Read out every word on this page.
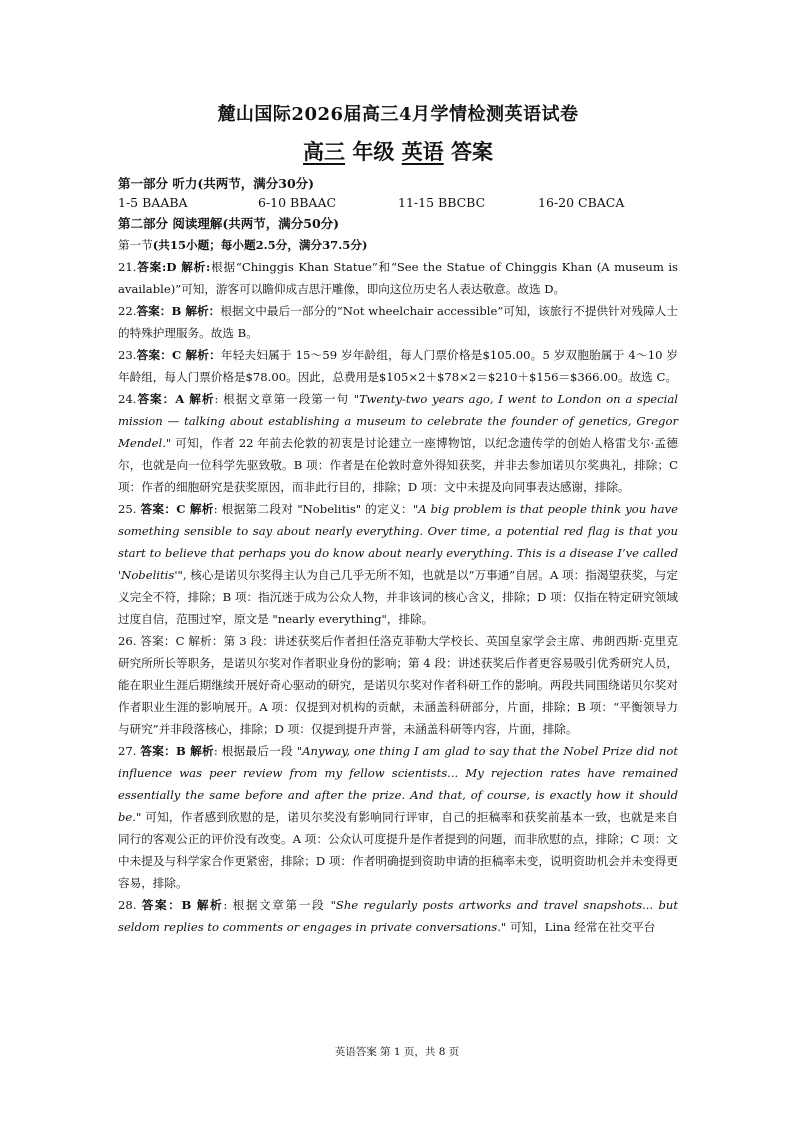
麓山国际2026届高三4月学情检测英语试卷
高三 年级 英语 答案
第一部分 听力(共两节，满分30分)
1-5 BAABA	6-10 BBAAC	11-15 BBCBC	16-20 CBACA
第二部分 阅读理解(共两节，满分50分)

第一节(共15小题；每小题2.5分，满分37.5分)

21.答案:D 解析:根据“Chinggis Khan Statue”和“See the Statue of Chinggis Khan (A museum is available)”可知，游客可以瞻仰成吉思汗雕像，即向这位历史名人表达敬意。故选 D。

22.答案：B 解析：根据文中最后一部分的“Not wheelchair accessible”可知，该旅行不提供针对残障人士的特殊护理服务。故选 B。

23.答案：C 解析：年轻夫妇属于 15～59 岁年龄组，每人门票价格是$105.00。5 岁双胞胎属于 4～10 岁年龄组，每人门票价格是$78.00。因此，总费用是$105×2＋$78×2＝$210＋$156＝$366.00。故选 C。

24.答案：A 解析: 根据文章第一段第一句 "Twenty-two years ago, I went to London on a special mission — talking about establishing a museum to celebrate the founder of genetics, Gregor Mendel." 可知，作者 22 年前去伦敦的初衷是讨论建立一座博物馆，以纪念遗传学的创始人格雷戈尔·孟德尔，也就是向一位科学先驱致敬。B 项：作者是在伦敦时意外得知获奖，并非去参加诺贝尔奖典礼，排除；C 项：作者的细胞研究是获奖原因，而非此行目的，排除；D 项：文中未提及向同事表达感谢，排除。

25. 答案：C 解析: 根据第二段对 "Nobelitis" 的定义："A big problem is that people think you have something sensible to say about nearly everything. Over time, a potential red flag is that you start to believe that perhaps you do know about nearly everything. This is a disease I’ve called 'Nobelitis'", 核心是诺贝尔奖得主认为自己几乎无所不知，也就是以“万事通”自居。A 项：指渴望获奖，与定义完全不符，排除；B 项：指沉迷于成为公众人物，并非该词的核心含义，排除；D 项：仅指在特定研究领域过度自信，范围过窄，原文是 "nearly everything"，排除。

26. 答案：C 解析：第 3 段：讲述获奖后作者担任洛克菲勒大学校长、英国皇家学会主席、弗朗西斯·克里克研究所所长等职务，是诺贝尔奖对作者职业身份的影响；第 4 段：讲述获奖后作者更容易吸引优秀研究人员，能在职业生涯后期继续开展好奇心驱动的研究，是诺贝尔奖对作者科研工作的影响。两段共同围绕诺贝尔奖对作者职业生涯的影响展开。A 项：仅提到对机构的贡献，未涵盖科研部分，片面，排除；B 项：“平衡领导力与研究”并非段落核心，排除；D 项：仅提到提升声誉，未涵盖科研等内容，片面，排除。

27. 答案：B 解析: 根据最后一段 "Anyway, one thing I am glad to say that the Nobel Prize did not influence was peer review from my fellow scientists... My rejection rates have remained essentially the same before and after the prize. And that, of course, is exactly how it should be." 可知，作者感到欣慰的是，诺贝尔奖没有影响同行评审，自己的拒稿率和获奖前基本一致，也就是来自同行的客观公正的评价没有改变。A 项：公众认可度提升是作者提到的问题，而非欣慰的点，排除；C 项：文中未提及与科学家合作更紧密，排除；D 项：作者明确提到资助申请的拒稿率未变，说明资助机会并未变得更容易，排除。

28. 答案：B 解析: 根据文章第一段 "She regularly posts artworks and travel snapshots... but seldom replies to comments or engages in private conversations." 可知，Lina 经常在社交平台

英语答案 第 1 页，共 8 页
